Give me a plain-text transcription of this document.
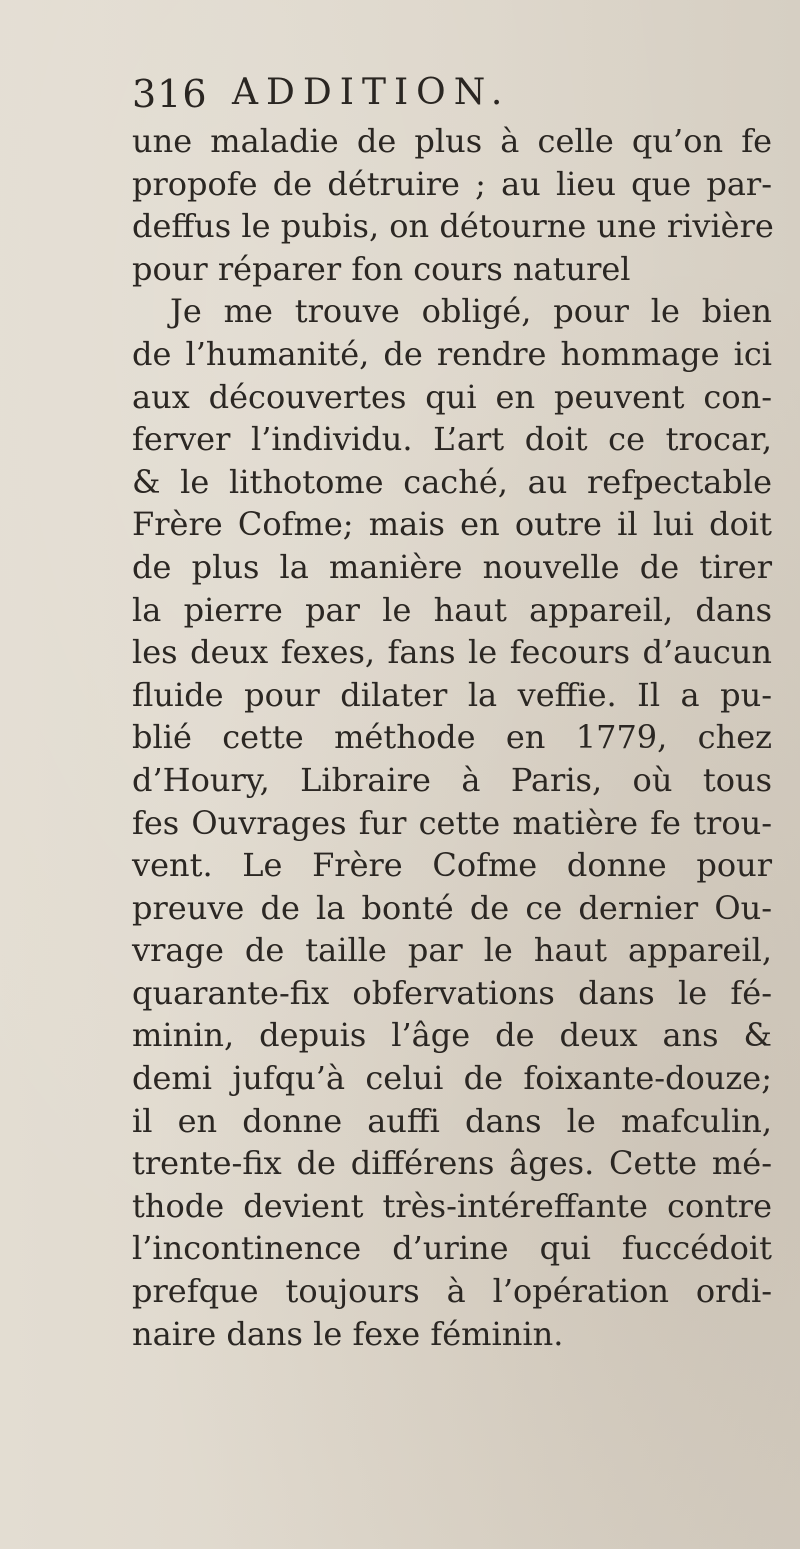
316 ADDITION.
une maladie de plus à celle qu’on fe
propofe de détruire ; au lieu que par-
deffus le pubis, on détourne une rivière
pour réparer fon cours naturel
Je me trouve obligé, pour le bien
de l’humanité, de rendre hommage ici
aux découvertes qui en peuvent con-
ferver l’individu. L’art doit ce trocar,
& le lithotome caché, au refpectable
Frère Cofme; mais en outre il lui doit
de plus la manière nouvelle de tirer
la pierre par le haut appareil, dans
les deux fexes, fans le fecours d’aucun
fluide pour dilater la veffie. Il a pu-
blié cette méthode en 1779, chez
d’Houry, Libraire à Paris, où tous
fes Ouvrages fur cette matière fe trou-
vent. Le Frère Cofme donne pour
preuve de la bonté de ce dernier Ou-
vrage de taille par le haut appareil,
quarante-fix obfervations dans le fé-
minin, depuis l’âge de deux ans &
demi jufqu’à celui de foixante-douze;
il en donne auffi dans le mafculin,
trente-fix de différens âges. Cette mé-
thode devient très-intéreffante contre
l’incontinence d’urine qui fuccédoit
prefque toujours à l’opération ordi-
naire dans le fexe féminin.
